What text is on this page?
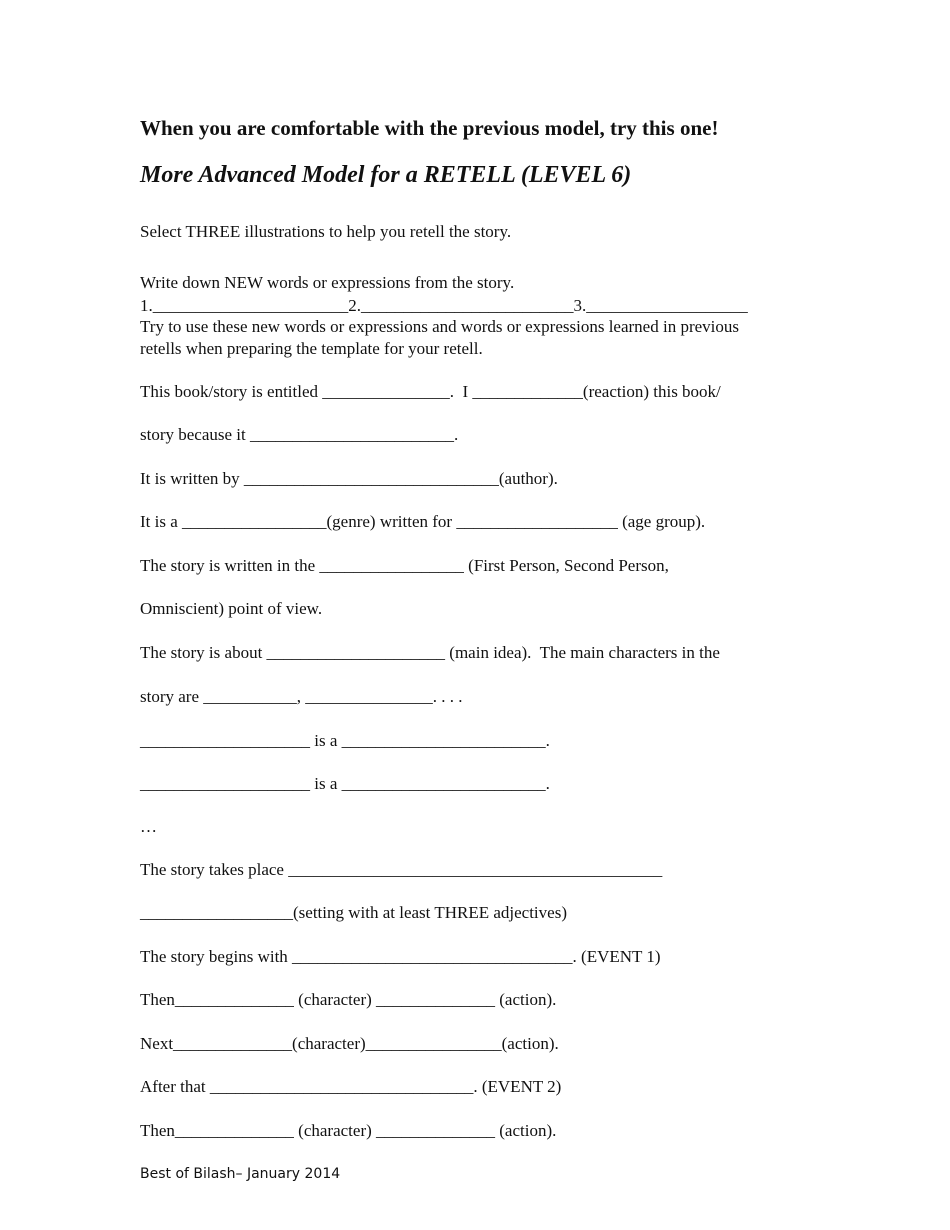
When you are comfortable with the previous model, try this one!
More Advanced Model for a RETELL (LEVEL 6)
Select THREE illustrations to help you retell the story.
Write down NEW words or expressions from the story.
1._______________________2._________________________3.___________________
Try to use these new words or expressions and words or expressions learned in previous
retells when preparing the template for your retell.
This book/story is entitled _______________.  I _____________(reaction) this book/
story because it ________________________.
It is written by ______________________________(author).
It is a _________________(genre) written for ___________________ (age group).
The story is written in the _________________ (First Person, Second Person,
Omniscient) point of view.
The story is about _____________________ (main idea).  The main characters in the
story are ___________, _______________. . . .
____________________ is a ________________________.
____________________ is a ________________________.
…
The story takes place ____________________________________________
__________________(setting with at least THREE adjectives)
The story begins with _________________________________. (EVENT 1)
Then______________ (character) ______________ (action).
Next______________(character)________________(action).
After that _______________________________. (EVENT 2)
Then______________ (character) ______________ (action).
Best of Bilash– January 2014
